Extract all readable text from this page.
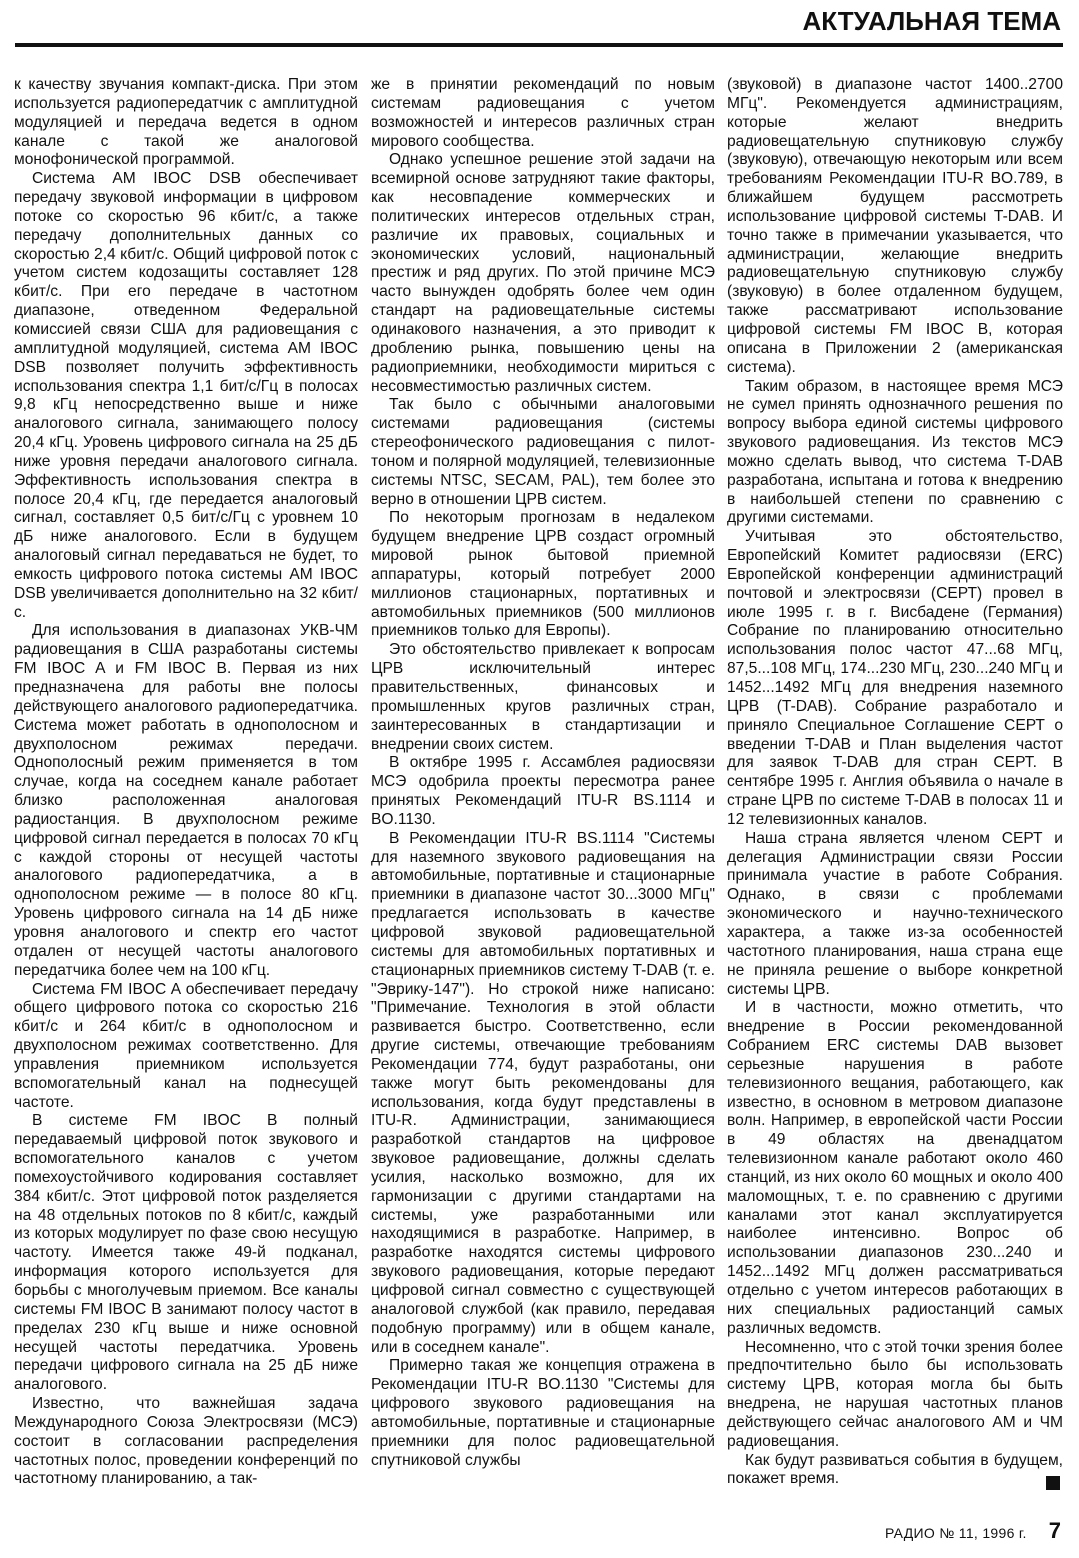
АКТУАЛЬНАЯ ТЕМА

к качеству звучания компакт-диска. При этом используется радиопередатчик с амплитудной модуляцией и передача ведется в одном канале с такой же аналоговой монофонической программой.

Система AM IBOC DSB обеспечивает передачу звуковой информации в цифровом потоке со скоростью 96 кбит/с, а также передачу дополнительных данных со скоростью 2,4 кбит/с. Общий цифровой поток с учетом систем кодозащиты составляет 128 кбит/с. При его передаче в частотном диапазоне, отведенном Федеральной комиссией связи США для радиовещания с амплитудной модуляцией, система AM IBOC DSB позволяет получить эффективность использования спектра 1,1 бит/с/Гц в полосах 9,8 кГц непосредственно выше и ниже аналогового сигнала, занимающего полосу 20,4 кГц. Уровень цифрового сигнала на 25 дБ ниже уровня передачи аналогового сигнала. Эффективность использования спектра в полосе 20,4 кГц, где передается аналоговый сигнал, составляет 0,5 бит/с/Гц с уровнем 10 дБ ниже аналогового. Если в будущем аналоговый сигнал передаваться не будет, то емкость цифрового потока системы AM IBOC DSB увеличивается дополнительно на 32 кбит/с.

Для использования в диапазонах УКВ-ЧМ радиовещания в США разработаны системы FM IBOC A и FM IBOC B. Первая из них предназначена для работы вне полосы действующего аналогового радиопередатчика. Система может работать в однополосном и двухполосном режимах передачи. Однополосный режим применяется в том случае, когда на соседнем канале работает близко расположенная аналоговая радиостанция. В двухполосном режиме цифровой сигнал передается в полосах 70 кГц с каждой стороны от несущей частоты аналогового радиопередатчика, а в однополосном режиме — в полосе 80 кГц. Уровень цифрового сигнала на 14 дБ ниже уровня аналогового и спектр его частот отдален от несущей частоты аналогового передатчика более чем на 100 кГц.

Система FM IBOC A обеспечивает передачу общего цифрового потока со скоростью 216 кбит/с и 264 кбит/с в однополосном и двухполосном режимах соответственно. Для управления приемником используется вспомогательный канал на поднесущей частоте.

В системе FM IBOC B полный передаваемый цифровой поток звукового и вспомогательного каналов с учетом помехоустойчивого кодирования составляет 384 кбит/с. Этот цифровой поток разделяется на 48 отдельных потоков по 8 кбит/с, каждый из которых модулирует по фазе свою несущую частоту. Имеется также 49-й подканал, информация которого используется для борьбы с многолучевым приемом. Все каналы системы FM IBOC B занимают полосу частот в пределах 230 кГц выше и ниже основной несущей частоты передатчика. Уровень передачи цифрового сигнала на 25 дБ ниже аналогового.

Известно, что важнейшая задача Международного Союза Электросвязи (МСЭ) состоит в согласовании распределения частотных полос, проведении конференций по частотному планированию, а так-

же в принятии рекомендаций по новым системам радиовещания с учетом возможностей и интересов различных стран мирового сообщества.

Однако успешное решение этой задачи на всемирной основе затрудняют такие факторы, как несовпадение коммерческих и политических интересов отдельных стран, различие их правовых, социальных и экономических условий, национальный престиж и ряд других. По этой причине МСЭ часто вынужден одобрять более чем один стандарт на радиовещательные системы одинакового назначения, а это приводит к дроблению рынка, повышению цены на радиоприемники, необходимости мириться с несовместимостью различных систем.

Так было с обычными аналоговыми системами радиовещания (системы стереофонического радиовещания с пилот-тоном и полярной модуляцией, телевизионные системы NTSC, SECAM, PAL), тем более это верно в отношении ЦРВ систем.

По некоторым прогнозам в недалеком будущем внедрение ЦРВ создаст огромный мировой рынок бытовой приемной аппаратуры, который потребует 2000 миллионов стационарных, портативных и автомобильных приемников (500 миллионов приемников только для Европы).

Это обстоятельство привлекает к вопросам ЦРВ исключительный интерес правительственных, финансовых и промышленных кругов различных стран, заинтересованных в стандартизации и внедрении своих систем.

В октябре 1995 г. Ассамблея радиосвязи МСЭ одобрила проекты пересмотра ранее принятых Рекомендаций ITU-R BS.1114 и BO.1130.

В Рекомендации ITU-R BS.1114 "Системы для наземного звукового радиовещания на автомобильные, портативные и стационарные приемники в диапазоне частот 30...3000 МГц" предлагается использовать в качестве цифровой звуковой радиовещательной системы для автомобильных портативных и стационарных приемников систему T-DAB (т. е. "Эврику-147"). Но строкой ниже написано: "Примечание. Технология в этой области развивается быстро. Соответственно, если другие системы, отвечающие требованиям Рекомендации 774, будут разработаны, они также могут быть рекомендованы для использования, когда будут представлены в ITU-R. Администрации, занимающиеся разработкой стандартов на цифровое звуковое радиовещание, должны сделать усилия, насколько возможно, для их гармонизации с другими стандартами на системы, уже разработанными или находящимися в разработке. Например, в разработке находятся системы цифрового звукового радиовещания, которые передают цифровой сигнал совместно с существующей аналоговой службой (как правило, передавая подобную программу) или в общем канале, или в соседнем канале".

Примерно такая же концепция отражена в Рекомендации ITU-R BO.1130 "Системы для цифрового звукового радиовещания на автомобильные, портативные и стационарные приемники для полос радиовещательной спутниковой службы

(звуковой) в диапазоне частот 1400..2700 МГц". Рекомендуется администрациям, которые желают внедрить радиовещательную спутниковую службу (звуковую), отвечающую некоторым или всем требованиям Рекомендации ITU-R BO.789, в ближайшем будущем рассмотреть использование цифровой системы T-DAB. И точно также в примечании указывается, что администрации, желающие внедрить радиовещательную спутниковую службу (звуковую) в более отдаленном будущем, также рассматривают использование цифровой системы FM IBOC B, которая описана в Приложении 2 (американская система).

Таким образом, в настоящее время МСЭ не сумел принять однозначного решения по вопросу выбора единой системы цифрового звукового радиовещания. Из текстов МСЭ можно сделать вывод, что система T-DAB разработана, испытана и готова к внедрению в наибольшей степени по сравнению с другими системами.

Учитывая это обстоятельство, Европейский Комитет радиосвязи (ERC) Европейской конференции администраций почтовой и электросвязи (СЕРТ) провел в июле 1995 г. в г. Висбадене (Германия) Собрание по планированию относительно использования полос частот 47...68 МГц, 87,5...108 МГц, 174...230 МГц, 230...240 МГц и 1452...1492 МГц для внедрения наземного ЦРВ (T-DAB). Собрание разработало и приняло Специальное Соглашение СЕРТ о введении T-DAB и План выделения частот для заявок T-DAB для стран СЕРТ. В сентябре 1995 г. Англия объявила о начале в стране ЦРВ по системе T-DAB в полосах 11 и 12 телевизионных каналов.

Наша страна является членом СЕРТ и делегация Администрации связи России принимала участие в работе Собрания. Однако, в связи с проблемами экономического и научно-технического характера, а также из-за особенностей частотного планирования, наша страна еще не приняла решение о выборе конкретной системы ЦРВ.

И в частности, можно отметить, что внедрение в России рекомендованной Собранием ERC системы DAB вызовет серьезные нарушения в работе телевизионного вещания, работающего, как известно, в основном в метровом диапазоне волн. Например, в европейской части России в 49 областях на двенадцатом телевизионном канале работают около 460 станций, из них около 60 мощных и около 400 маломощных, т. е. по сравнению с другими каналами этот канал эксплуатируется наиболее интенсивно. Вопрос об использовании диапазонов 230...240 и 1452...1492 МГц должен рассматриваться отдельно с учетом интересов работающих в них специальных радиостанций самых различных ведомств.

Несомненно, что с этой точки зрения более предпочтительно было бы использовать систему ЦРВ, которая могла бы быть внедрена, не нарушая частотных планов действующего сейчас аналогового АМ и ЧМ радиовещания.

Как будут развиваться события в будущем, покажет время.

РАДИО № 11, 1996 г. 7
